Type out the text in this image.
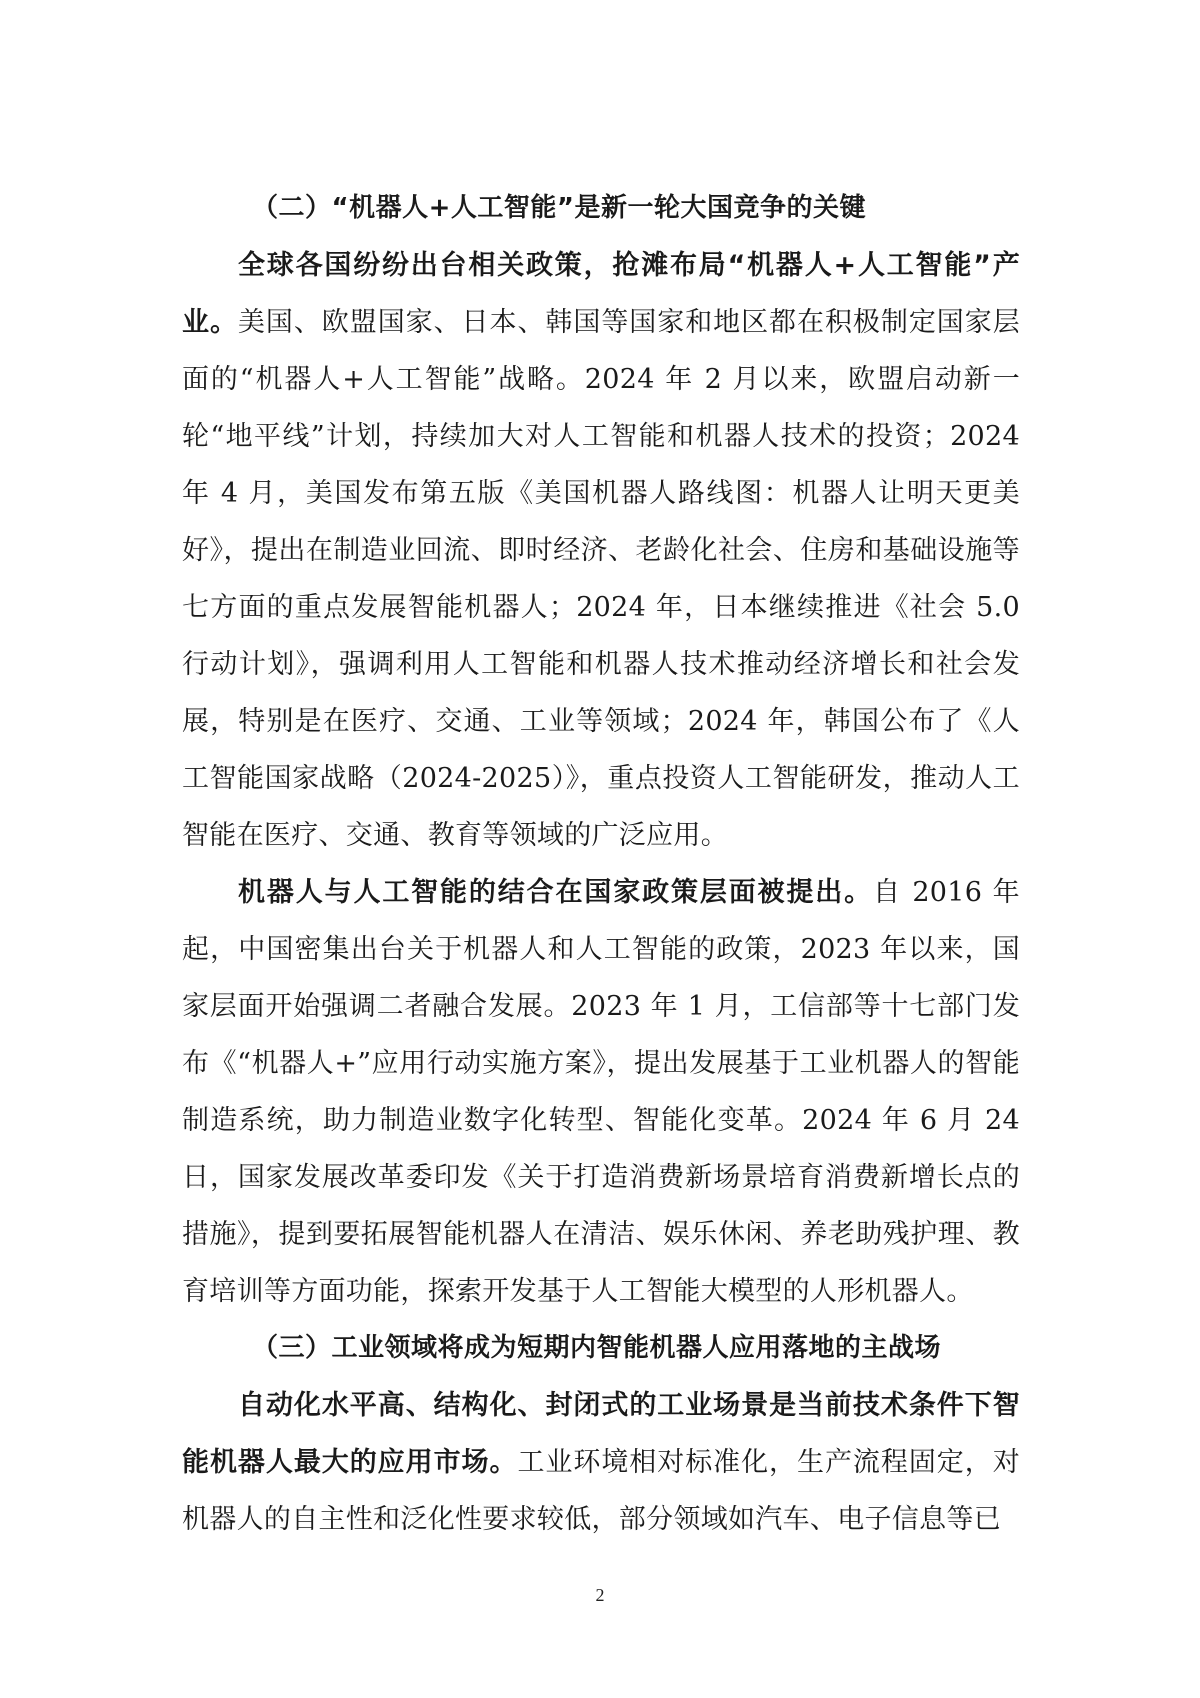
（二）“机器人+人工智能”是新一轮大国竞争的关键

全球各国纷纷出台相关政策，抢滩布局“机器人+人工智能”产业。美国、欧盟国家、日本、韩国等国家和地区都在积极制定国家层面的“机器人+人工智能”战略。2024 年 2 月以来，欧盟启动新一轮“地平线”计划，持续加大对人工智能和机器人技术的投资；2024 年 4 月，美国发布第五版《美国机器人路线图：机器人让明天更美好》，提出在制造业回流、即时经济、老龄化社会、住房和基础设施等七方面的重点发展智能机器人；2024 年，日本继续推进《社会 5.0 行动计划》，强调利用人工智能和机器人技术推动经济增长和社会发展，特别是在医疗、交通、工业等领域；2024 年，韩国公布了《人工智能国家战略（2024-2025）》，重点投资人工智能研发，推动人工智能在医疗、交通、教育等领域的广泛应用。

机器人与人工智能的结合在国家政策层面被提出。自 2016 年起，中国密集出台关于机器人和人工智能的政策，2023 年以来，国家层面开始强调二者融合发展。2023 年 1 月，工信部等十七部门发布《“机器人+”应用行动实施方案》，提出发展基于工业机器人的智能制造系统，助力制造业数字化转型、智能化变革。2024 年 6 月 24 日，国家发展改革委印发《关于打造消费新场景培育消费新增长点的措施》，提到要拓展智能机器人在清洁、娱乐休闲、养老助残护理、教育培训等方面功能，探索开发基于人工智能大模型的人形机器人。

（三）工业领域将成为短期内智能机器人应用落地的主战场

自动化水平高、结构化、封闭式的工业场景是当前技术条件下智能机器人最大的应用市场。工业环境相对标准化，生产流程固定，对机器人的自主性和泛化性要求较低，部分领域如汽车、电子信息等已

2
